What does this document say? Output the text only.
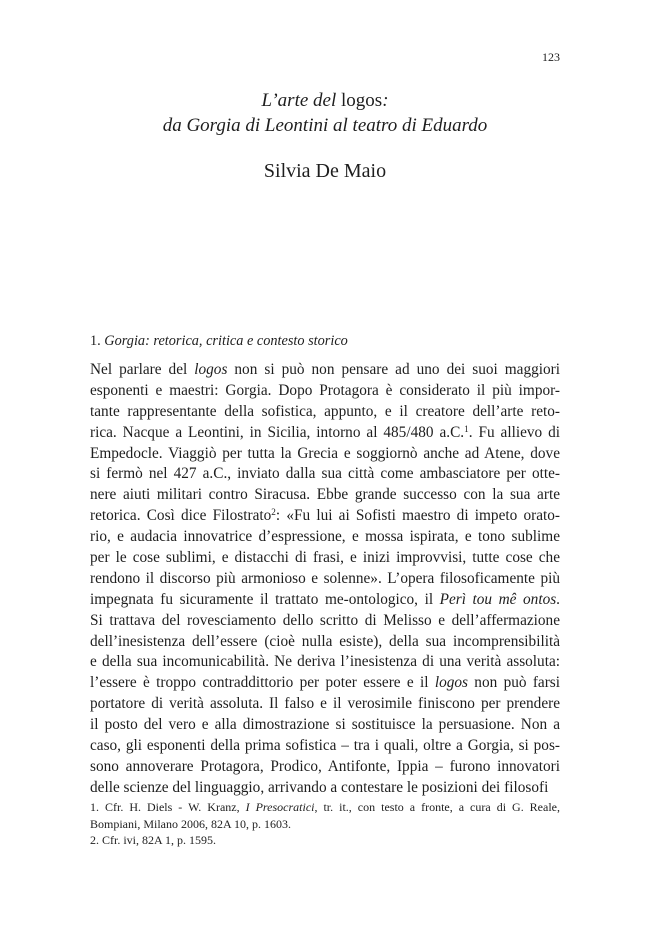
123
L’arte del logos:
da Gorgia di Leontini al teatro di Eduardo
Silvia De Maio
1. Gorgia: retorica, critica e contesto storico
Nel parlare del logos non si può non pensare ad uno dei suoi maggiori
esponenti e maestri: Gorgia. Dopo Protagora è considerato il più impor-
tante rappresentante della sofistica, appunto, e il creatore dell’arte reto-
rica. Nacque a Leontini, in Sicilia, intorno al 485/480 a.C.$^1$. Fu allievo di
Empedocle. Viaggiò per tutta la Grecia e soggiornò anche ad Atene, dove
si fermò nel 427 a.C., inviato dalla sua città come ambasciatore per otte-
nere aiuti militari contro Siracusa. Ebbe grande successo con la sua arte
retorica. Così dice Filostrato$^2$: «Fu lui ai Sofisti maestro di impeto orato-
rio, e audacia innovatrice d’espressione, e mossa ispirata, e tono sublime
per le cose sublimi, e distacchi di frasi, e inizi improvvisi, tutte cose che
rendono il discorso più armonioso e solenne». L’opera filosoficamente più
impegnata fu sicuramente il trattato me-ontologico, il Perì tou mê ontos.
Si trattava del rovesciamento dello scritto di Melisso e dell’affermazione
dell’inesistenza dell’essere (cioè nulla esiste), della sua incomprensibilità
e della sua incomunicabilità. Ne deriva l’inesistenza di una verità assoluta:
l’essere è troppo contraddittorio per poter essere e il logos non può farsi
portatore di verità assoluta. Il falso e il verosimile finiscono per prendere
il posto del vero e alla dimostrazione si sostituisce la persuasione. Non a
caso, gli esponenti della prima sofistica – tra i quali, oltre a Gorgia, si pos-
sono annoverare Protagora, Prodico, Antifonte, Ippia – furono innovatori
delle scienze del linguaggio, arrivando a contestare le posizioni dei filosofi
1. Cfr. H. Diels - W. Kranz, I Presocratici, tr. it., con testo a fronte, a cura di G. Reale,
Bompiani, Milano 2006, 82A 10, p. 1603.
2. Cfr. ivi, 82A 1, p. 1595.
